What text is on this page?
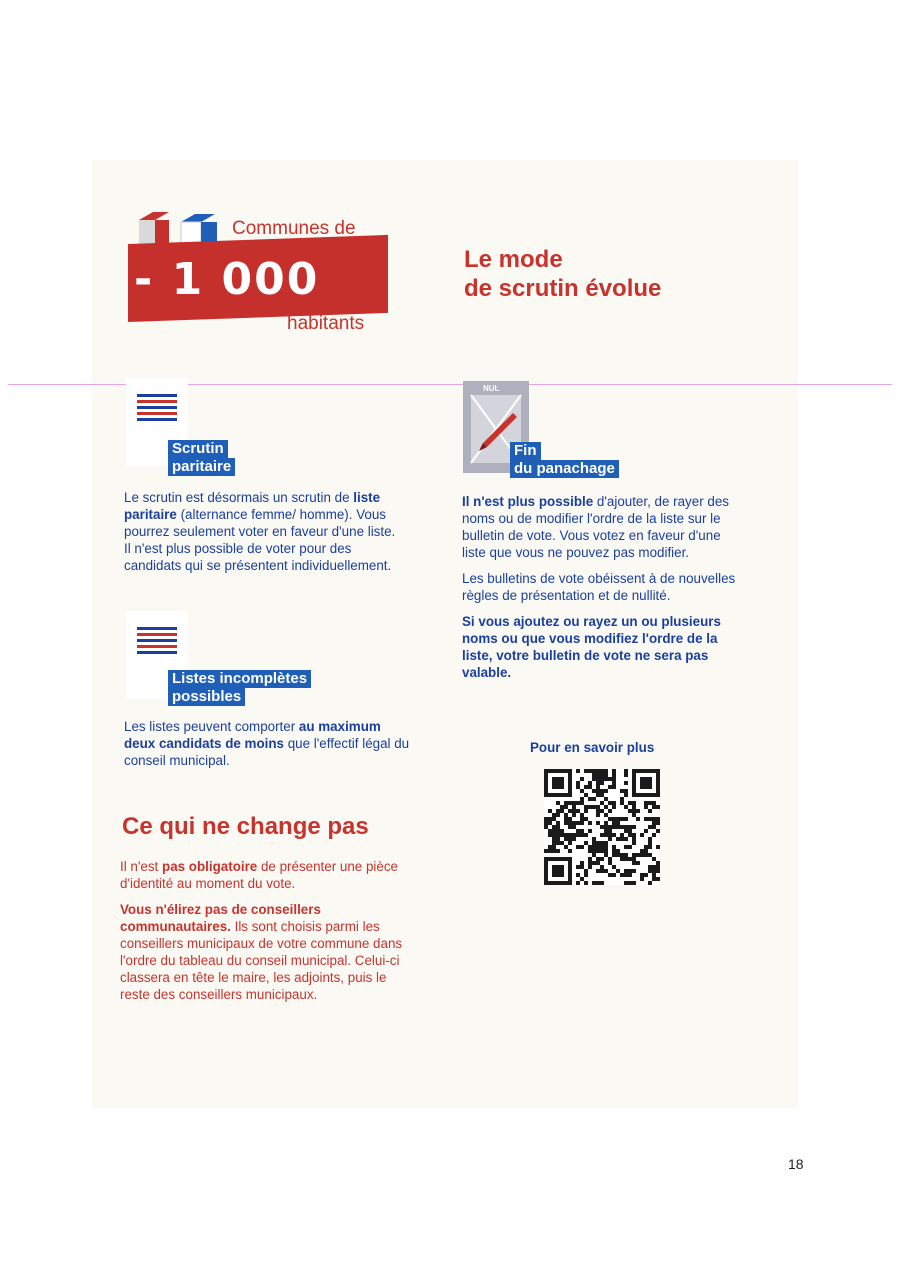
Communes de
- 1 000
habitants
Le mode
de scrutin évolue
Scrutin
paritaire

Le scrutin est désormais un scrutin de liste paritaire (alternance femme/ homme). Vous pourrez seulement voter en faveur d'une liste. Il n'est plus possible de voter pour des candidats qui se présentent individuellement.

Listes incomplètes
possibles

Les listes peuvent comporter au maximum deux candidats de moins que l'effectif légal du conseil municipal.

NUL
Fin
du panachage

Il n'est plus possible d'ajouter, de rayer des noms ou de modifier l'ordre de la liste sur le bulletin de vote. Vous votez en faveur d'une liste que vous ne pouvez pas modifier.

Les bulletins de vote obéissent à de nouvelles règles de présentation et de nullité.

Si vous ajoutez ou rayez un ou plusieurs noms ou que vous modifiez l'ordre de la liste, votre bulletin de vote ne sera pas valable.

Pour en savoir plus
Ce qui ne change pas

Il n'est pas obligatoire de présenter une pièce d'identité au moment du vote.

Vous n'élirez pas de conseillers communautaires. Ils sont choisis parmi les conseillers municipaux de votre commune dans l'ordre du tableau du conseil municipal. Celui-ci classera en tête le maire, les adjoints, puis le reste des conseillers municipaux.

18
